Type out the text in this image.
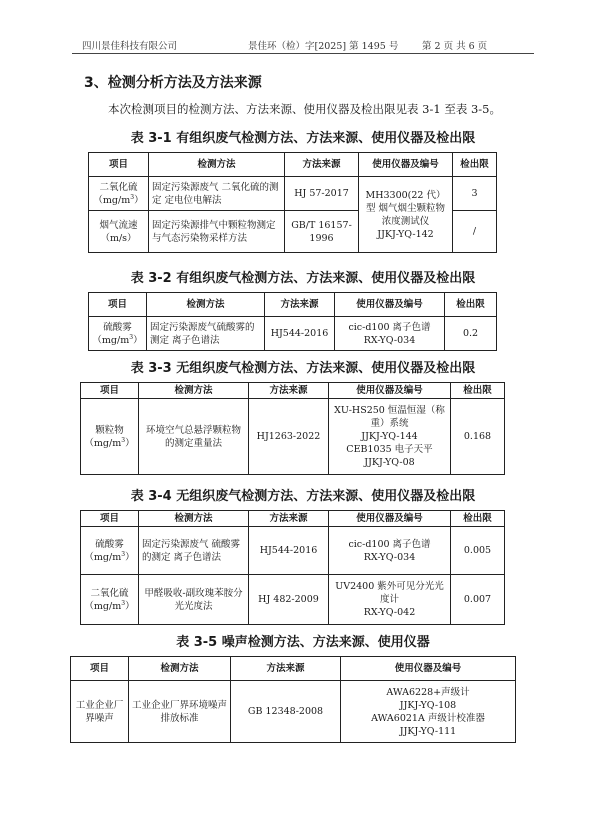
四川景佳科技有限公司	景佳环（检）字[2025] 第 1495 号 第 2 页 共 6 页
3、检测分析方法及方法来源
本次检测项目的检测方法、方法来源、使用仪器及检出限见表 3-1 至表 3-5。
表 3-1 有组织废气检测方法、方法来源、使用仪器及检出限
项目	检测方法	方法来源	使用仪器及编号	检出限
二氧化硫
$(mg/m^3)$	固定污染源废气 二氧化硫的测定 定电位电解法	HJ 57-2017	MH3300(22 代）型 烟气烟尘颗粒物浓度测试仪
JJKJ-YQ-142	3
烟气流速
（m/s）	固定污染源排气中颗粒物测定与气态污染物采样方法	GB/T 16157-1996		/
表 3-2 有组织废气检测方法、方法来源、使用仪器及检出限
项目	检测方法	方法来源	使用仪器及编号	检出限
硫酸雾
$(mg/m^3)$	固定污染源废气硫酸雾的测定 离子色谱法	HJ544-2016	cic-d100 离子色谱
RX-YQ-034	0.2
表 3-3 无组织废气检测方法、方法来源、使用仪器及检出限
项目	检测方法	方法来源	使用仪器及编号	检出限
颗粒物
$(mg/m^3)$	环境空气总悬浮颗粒物的测定重量法	HJ1263-2022	XU-HS250 恒温恒湿（称重）系统
JJKJ-YQ-144
CEB1035 电子天平
JJKJ-YQ-08	0.168
表 3-4 无组织废气检测方法、方法来源、使用仪器及检出限
项目	检测方法	方法来源	使用仪器及编号	检出限
硫酸雾
$(mg/m^3)$	固定污染源废气 硫酸雾的测定 离子色谱法	HJ544-2016	cic-d100 离子色谱
RX-YQ-034	0.005
二氧化硫
$(mg/m^3)$	甲醛吸收-副玫瑰苯胺分光光度法	HJ 482-2009	UV2400 紫外可见分光光度计
RX-YQ-042	0.007
表 3-5 噪声检测方法、方法来源、使用仪器
项目	检测方法	方法来源	使用仪器及编号
工业企业厂界噪声	工业企业厂界环境噪声排放标准	GB 12348-2008	AWA6228+声级计
JJKJ-YQ-108
AWA6021A 声级计校准器
JJKJ-YQ-111
